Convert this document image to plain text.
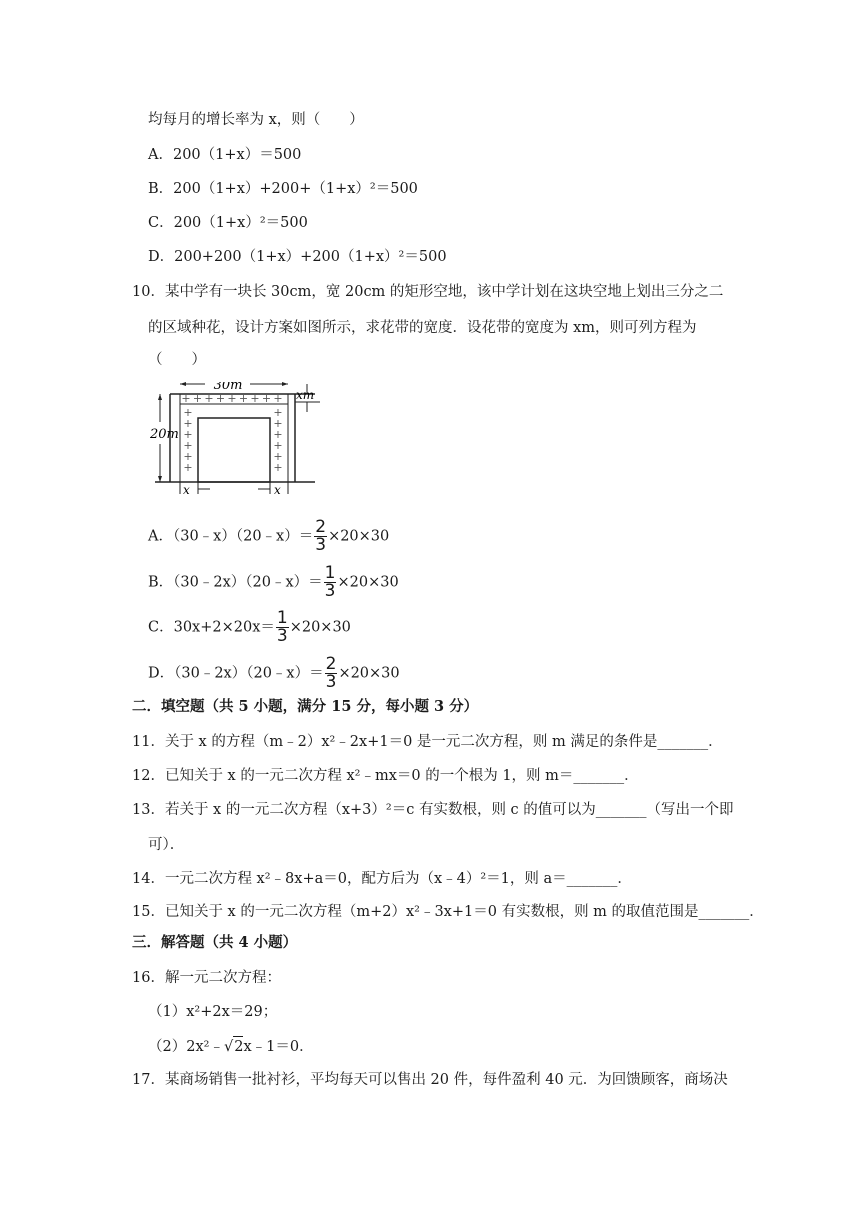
均每月的增长率为 x，则（　　）
A．200（1+x）＝500
B．200（1+x）+200+（1+x）²＝500
C．200（1+x）²＝500
D．200+200（1+x）+200（1+x）²＝500
10．某中学有一块长 30cm，宽 20cm 的矩形空地，该中学计划在这块空地上划出三分之二
的区域种花，设计方案如图所示，求花带的宽度．设花带的宽度为 xm，则可列方程为
（　　）
30m
20m
xm
x	x
+ + + + + + + + +
+	+
+	+
+	+
+	+
+	+
+	+
A．（30﹣x）（20﹣x）＝ $\frac{2}{3} \times 20\times 30$
B．（30﹣2x）（20﹣x）＝ $\frac{1}{3} \times 20\times 30$
C．$30x+2\times 20x= \frac{1}{3} \times 20\times 30$
D．（30﹣2x）（20﹣x）＝ $\frac{2}{3} \times 20\times 30$
二．填空题（共 5 小题，满分 15 分，每小题 3 分）
11．关于 x 的方程（m﹣2）x²﹣2x+1＝0 是一元二次方程，则 m 满足的条件是_______．
12．已知关于 x 的一元二次方程 x²﹣mx＝0 的一个根为 1，则 m＝_______．
13．若关于 x 的一元二次方程（x+3）²＝c 有实数根，则 c 的值可以为_______（写出一个即
可）．
14．一元二次方程 x²﹣8x+a＝0，配方后为（x﹣4）²＝1，则 a＝_______．
15．已知关于 x 的一元二次方程（m+2）x²﹣3x+1＝0 有实数根，则 m 的取值范围是_______．
三．解答题（共 4 小题）
16．解一元二次方程：
（1）x²+2x＝29；
（2）2x²﹣√2x﹣1＝0．
17．某商场销售一批衬衫，平均每天可以售出 20 件，每件盈利 40 元．为回馈顾客，商场决
